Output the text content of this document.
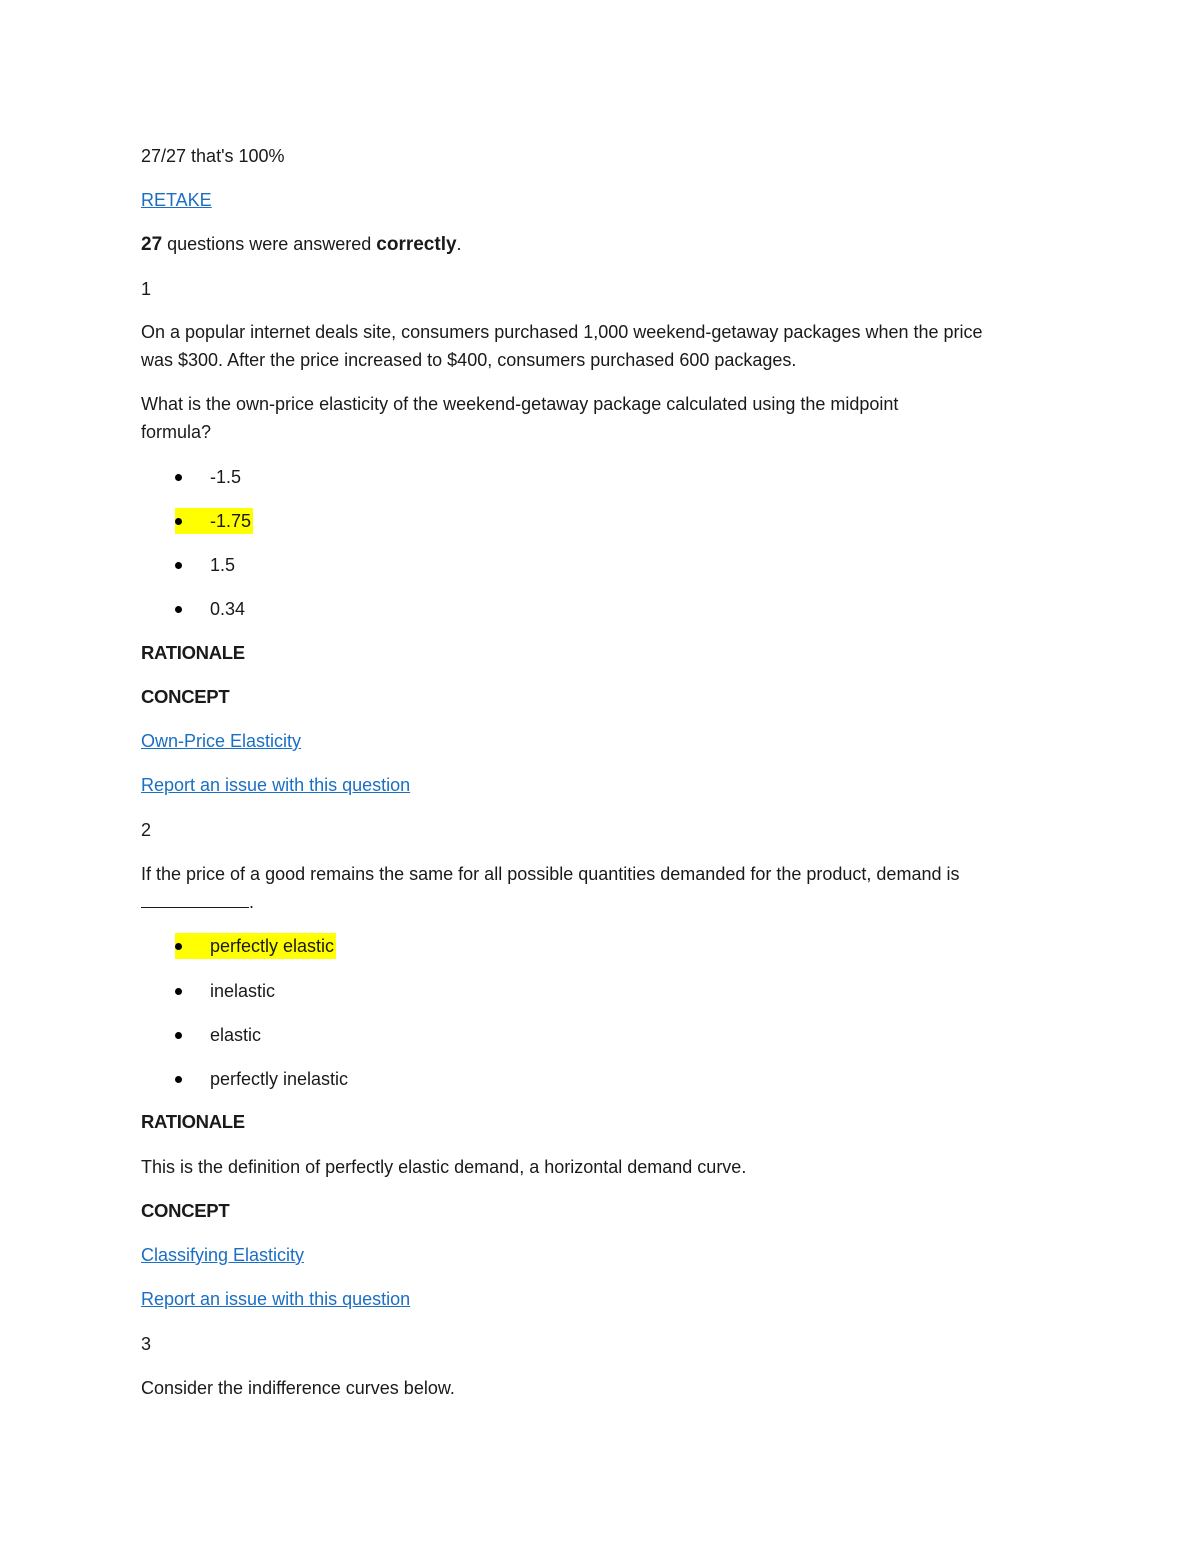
27/27 that's 100%
RETAKE
27 questions were answered correctly.
1
On a popular internet deals site, consumers purchased 1,000 weekend-getaway packages when the price
was $300. After the price increased to $400, consumers purchased 600 packages.
What is the own-price elasticity of the weekend-getaway package calculated using the midpoint
formula?
-1.5
-1.75
1.5
0.34
RATIONALE
CONCEPT
Own-Price Elasticity
Report an issue with this question
2
If the price of a good remains the same for all possible quantities demanded for the product, demand is
.
perfectly elastic
inelastic
elastic
perfectly inelastic
RATIONALE
This is the definition of perfectly elastic demand, a horizontal demand curve.
CONCEPT
Classifying Elasticity
Report an issue with this question
3
Consider the indifference curves below.
